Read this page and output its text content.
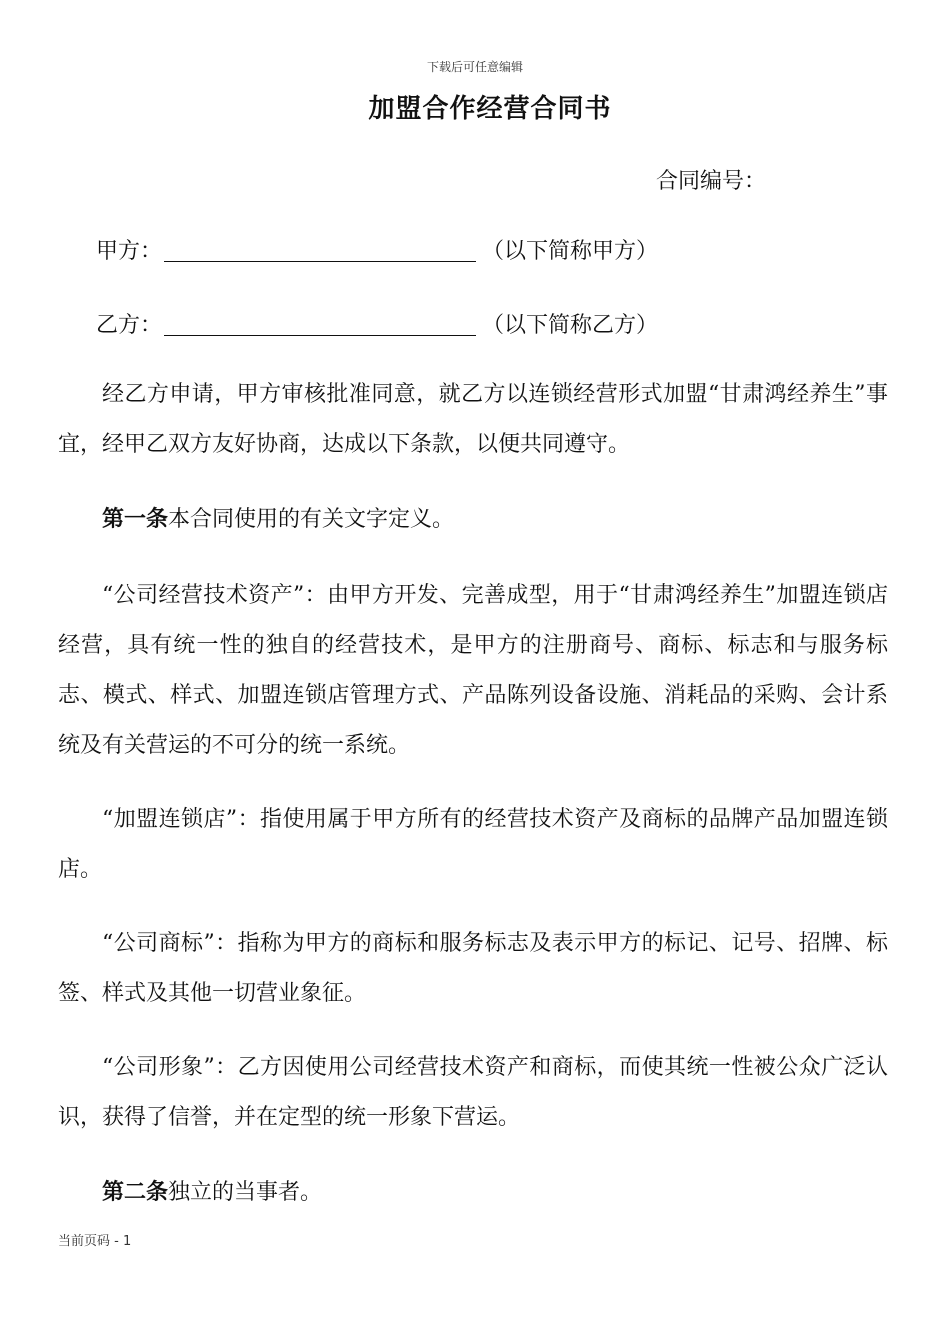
下载后可任意编辑
加盟合作经营合同书
合同编号：
甲方：	（以下简称甲方）
乙方：	（以下简称乙方）

经乙方申请，甲方审核批准同意，就乙方以连锁经营形式加盟“甘肃鸿经养生”事宜，经甲乙双方友好协商，达成以下条款，以便共同遵守。

第一条本合同使用的有关文字定义。

“公司经营技术资产”：由甲方开发、完善成型，用于“甘肃鸿经养生”加盟连锁店经营，具有统一性的独自的经营技术，是甲方的注册商号、商标、标志和与服务标志、模式、样式、加盟连锁店管理方式、产品陈列设备设施、消耗品的采购、会计系统及有关营运的不可分的统一系统。

“加盟连锁店”：指使用属于甲方所有的经营技术资产及商标的品牌产品加盟连锁店。

“公司商标”：指称为甲方的商标和服务标志及表示甲方的标记、记号、招牌、标签、样式及其他一切营业象征。

“公司形象”：乙方因使用公司经营技术资产和商标，而使其统一性被公众广泛认识，获得了信誉，并在定型的统一形象下营运。

第二条独立的当事者。

当前页码 - 1
